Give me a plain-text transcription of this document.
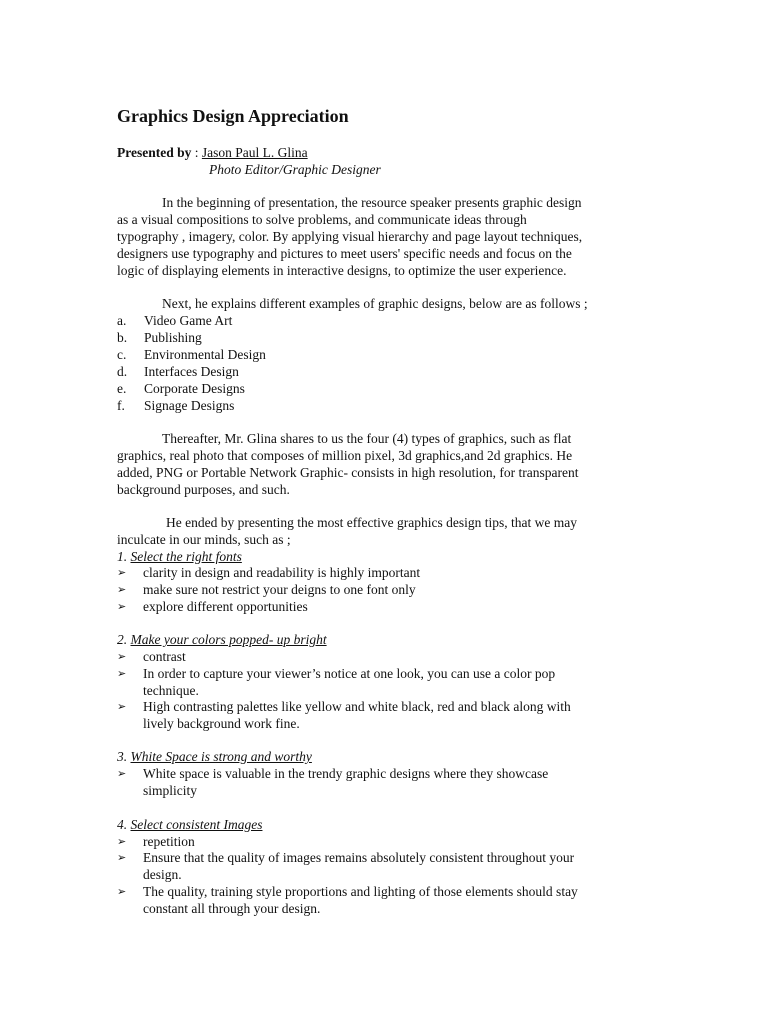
Graphics Design Appreciation
Presented by : Jason Paul L. Glina
Photo Editor/Graphic Designer
In the beginning of presentation, the resource speaker presents graphic design
as a visual compositions to solve problems, and communicate ideas through
typography , imagery, color. By applying visual hierarchy and page layout techniques,
designers use typography and pictures to meet users' specific needs and focus on the
logic of displaying elements in interactive designs, to optimize the user experience.
Next, he explains different examples of graphic designs, below are as follows ;
a. Video Game Art
b. Publishing
c. Environmental Design
d. Interfaces Design
e. Corporate Designs
f. Signage Designs
Thereafter, Mr. Glina shares to us the four (4) types of graphics, such as flat
graphics, real photo that composes of million pixel, 3d graphics,and 2d graphics. He
added, PNG or Portable Network Graphic- consists in high resolution, for transparent
background purposes, and such.
He ended by presenting the most effective graphics design tips, that we may
inculcate in our minds, such as ;
1. Select the right fonts
➢ clarity in design and readability is highly important
➢ make sure not restrict your deigns to one font only
➢ explore different opportunities
2. Make your colors popped- up bright
➢ contrast
➢ In order to capture your viewer’s notice at one look, you can use a color pop
technique.
➢ High contrasting palettes like yellow and white black, red and black along with
lively background work fine.
3. White Space is strong and worthy
➢ White space is valuable in the trendy graphic designs where they showcase
simplicity
4. Select consistent Images
➢ repetition
➢ Ensure that the quality of images remains absolutely consistent throughout your
design.
➢ The quality, training style proportions and lighting of those elements should stay
constant all through your design.
